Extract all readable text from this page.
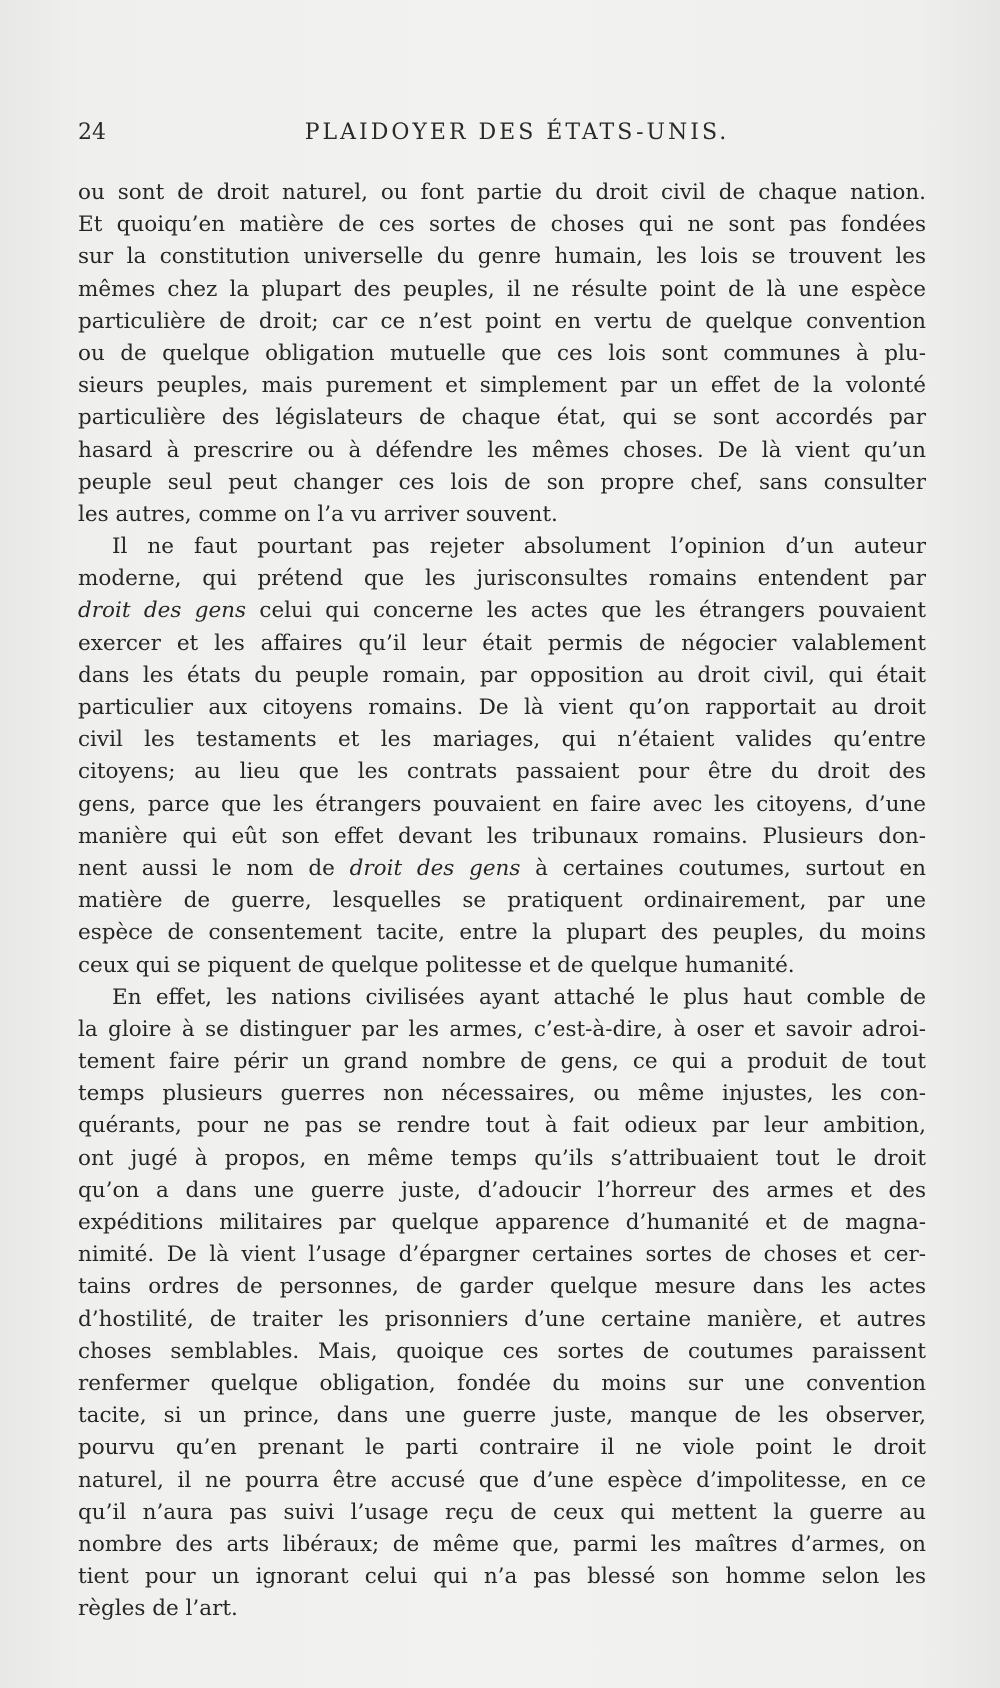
24	PLAIDOYER DES ÉTATS-UNIS.
ou sont de droit naturel, ou font partie du droit civil de chaque nation.
Et quoiqu’en matière de ces sortes de choses qui ne sont pas fondées
sur la constitution universelle du genre humain, les lois se trouvent les
mêmes chez la plupart des peuples, il ne résulte point de là une espèce
particulière de droit; car ce n’est point en vertu de quelque convention
ou de quelque obligation mutuelle que ces lois sont communes à plu-
sieurs peuples, mais purement et simplement par un effet de la volonté
particulière des législateurs de chaque état, qui se sont accordés par
hasard à prescrire ou à défendre les mêmes choses. De là vient qu’un
peuple seul peut changer ces lois de son propre chef, sans consulter
les autres, comme on l’a vu arriver souvent.
Il ne faut pourtant pas rejeter absolument l’opinion d’un auteur
moderne, qui prétend que les jurisconsultes romains entendent par
droit des gens celui qui concerne les actes que les étrangers pouvaient
exercer et les affaires qu’il leur était permis de négocier valablement
dans les états du peuple romain, par opposition au droit civil, qui était
particulier aux citoyens romains. De là vient qu’on rapportait au droit
civil les testaments et les mariages, qui n’étaient valides qu’entre
citoyens; au lieu que les contrats passaient pour être du droit des
gens, parce que les étrangers pouvaient en faire avec les citoyens, d’une
manière qui eût son effet devant les tribunaux romains. Plusieurs don-
nent aussi le nom de droit des gens à certaines coutumes, surtout en
matière de guerre, lesquelles se pratiquent ordinairement, par une
espèce de consentement tacite, entre la plupart des peuples, du moins
ceux qui se piquent de quelque politesse et de quelque humanité.
En effet, les nations civilisées ayant attaché le plus haut comble de
la gloire à se distinguer par les armes, c’est-à-dire, à oser et savoir adroi-
tement faire périr un grand nombre de gens, ce qui a produit de tout
temps plusieurs guerres non nécessaires, ou même injustes, les con-
quérants, pour ne pas se rendre tout à fait odieux par leur ambition,
ont jugé à propos, en même temps qu’ils s’attribuaient tout le droit
qu’on a dans une guerre juste, d’adoucir l’horreur des armes et des
expéditions militaires par quelque apparence d’humanité et de magna-
nimité. De là vient l’usage d’épargner certaines sortes de choses et cer-
tains ordres de personnes, de garder quelque mesure dans les actes
d’hostilité, de traiter les prisonniers d’une certaine manière, et autres
choses semblables. Mais, quoique ces sortes de coutumes paraissent
renfermer quelque obligation, fondée du moins sur une convention
tacite, si un prince, dans une guerre juste, manque de les observer,
pourvu qu’en prenant le parti contraire il ne viole point le droit
naturel, il ne pourra être accusé que d’une espèce d’impolitesse, en ce
qu’il n’aura pas suivi l’usage reçu de ceux qui mettent la guerre au
nombre des arts libéraux; de même que, parmi les maîtres d’armes, on
tient pour un ignorant celui qui n’a pas blessé son homme selon les
règles de l’art.
